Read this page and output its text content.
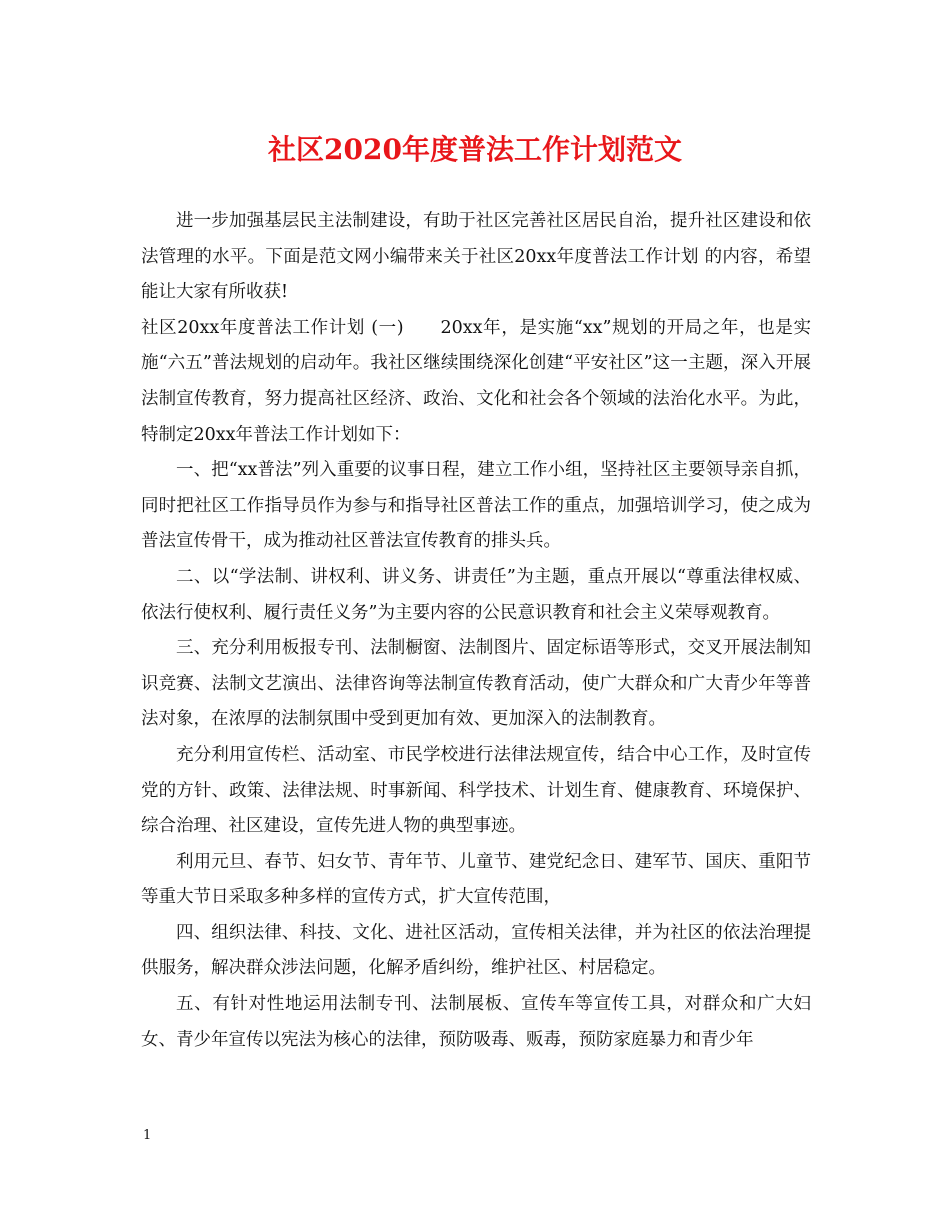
社区2020年度普法工作计划范文

进一步加强基层民主法制建设，有助于社区完善社区居民自治，提升社区建设和依法管理的水平。下面是范文网小编带来关于社区20xx年度普法工作计划 的内容，希望能让大家有所收获!

社区20xx年度普法工作计划 (一)　　20xx年，是实施“xx”规划的开局之年，也是实施“六五”普法规划的启动年。我社区继续围绕深化创建“平安社区”这一主题，深入开展法制宣传教育，努力提高社区经济、政治、文化和社会各个领域的法治化水平。为此，特制定20xx年普法工作计划如下：

一、把“xx普法”列入重要的议事日程，建立工作小组，坚持社区主要领导亲自抓，同时把社区工作指导员作为参与和指导社区普法工作的重点，加强培训学习，使之成为普法宣传骨干，成为推动社区普法宣传教育的排头兵。

二、以“学法制、讲权利、讲义务、讲责任”为主题，重点开展以“尊重法律权威、依法行使权利、履行责任义务”为主要内容的公民意识教育和社会主义荣辱观教育。

三、充分利用板报专刊、法制橱窗、法制图片、固定标语等形式，交叉开展法制知识竞赛、法制文艺演出、法律咨询等法制宣传教育活动，使广大群众和广大青少年等普法对象，在浓厚的法制氛围中受到更加有效、更加深入的法制教育。

充分利用宣传栏、活动室、市民学校进行法律法规宣传，结合中心工作，及时宣传党的方针、政策、法律法规、时事新闻、科学技术、计划生育、健康教育、环境保护、综合治理、社区建设，宣传先进人物的典型事迹。

利用元旦、春节、妇女节、青年节、儿童节、建党纪念日、建军节、国庆、重阳节等重大节日采取多种多样的宣传方式，扩大宣传范围，

四、组织法律、科技、文化、进社区活动，宣传相关法律，并为社区的依法治理提供服务，解决群众涉法问题，化解矛盾纠纷，维护社区、村居稳定。

五、有针对性地运用法制专刊、法制展板、宣传车等宣传工具，对群众和广大妇女、青少年宣传以宪法为核心的法律，预防吸毒、贩毒，预防家庭暴力和青少年

1
